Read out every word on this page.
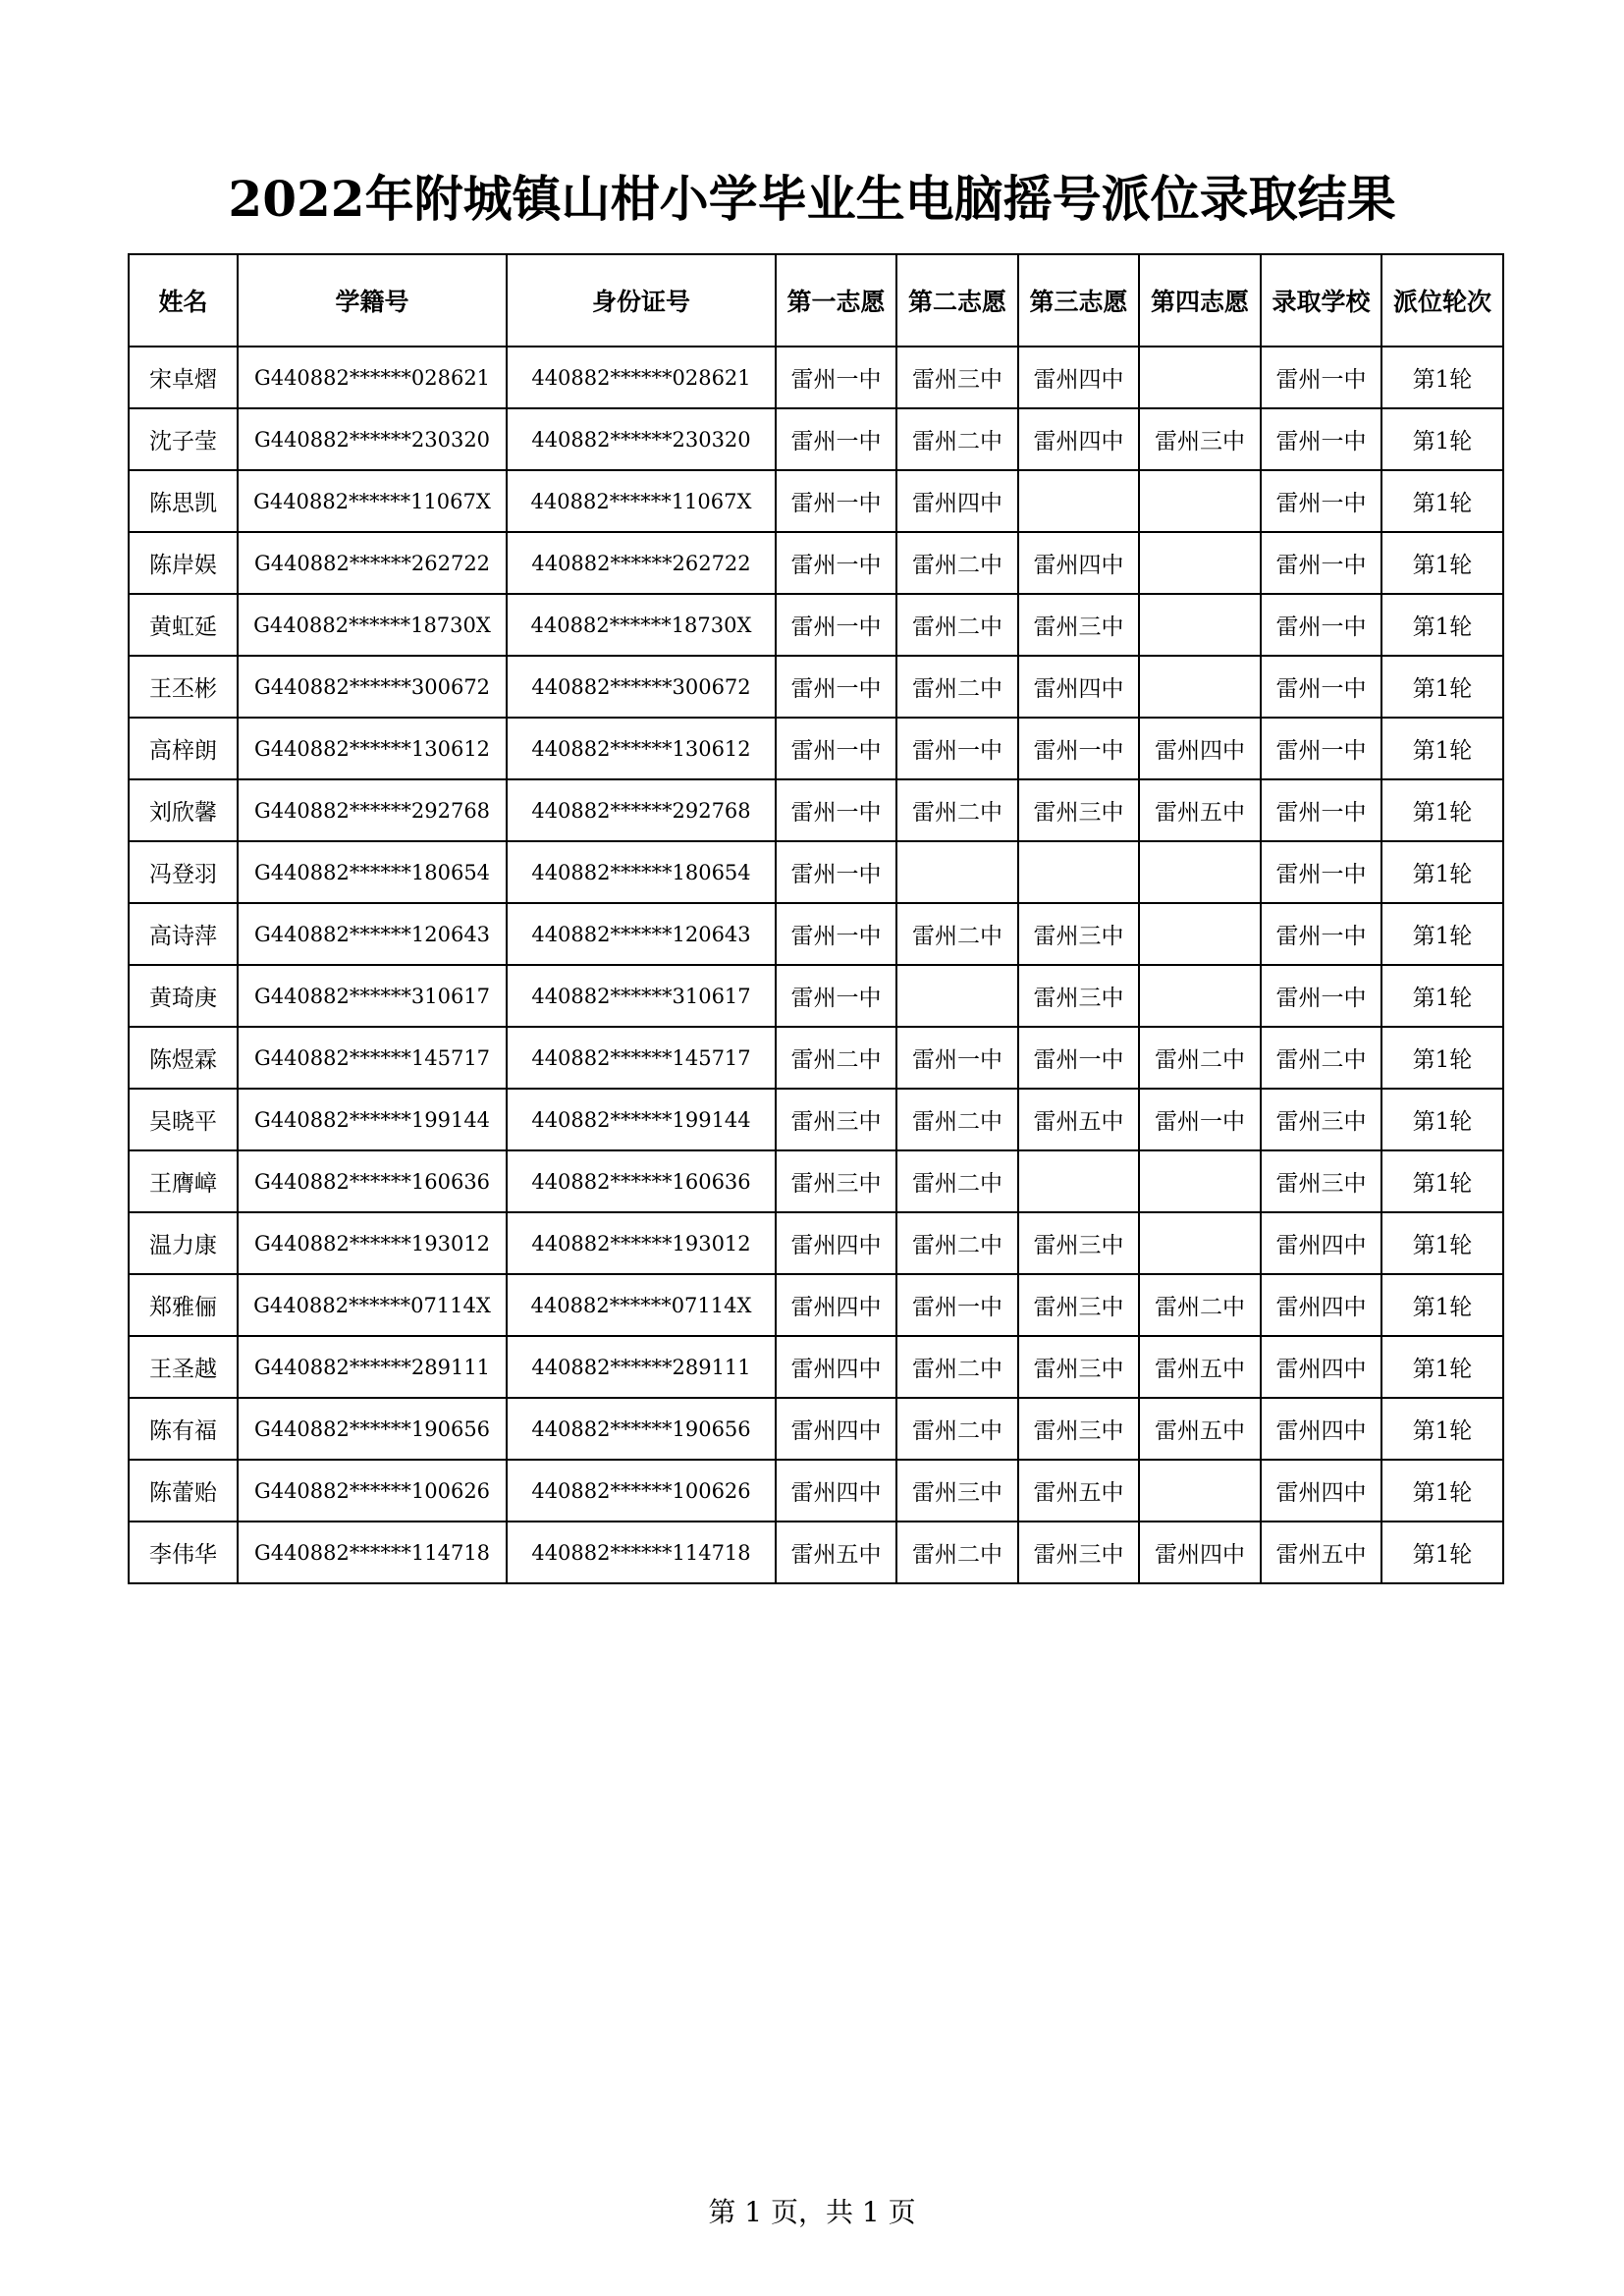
2022年附城镇山柑小学毕业生电脑摇号派位录取结果
姓名	学籍号	身份证号	第一志愿	第二志愿	第三志愿	第四志愿	录取学校	派位轮次
宋卓熠	G440882******028621	440882******028621	雷州一中	雷州三中	雷州四中		雷州一中	第1轮
沈子莹	G440882******230320	440882******230320	雷州一中	雷州二中	雷州四中	雷州三中	雷州一中	第1轮
陈思凯	G440882******11067X	440882******11067X	雷州一中	雷州四中			雷州一中	第1轮
陈岸娱	G440882******262722	440882******262722	雷州一中	雷州二中	雷州四中		雷州一中	第1轮
黄虹延	G440882******18730X	440882******18730X	雷州一中	雷州二中	雷州三中		雷州一中	第1轮
王丕彬	G440882******300672	440882******300672	雷州一中	雷州二中	雷州四中		雷州一中	第1轮
高梓朗	G440882******130612	440882******130612	雷州一中	雷州一中	雷州一中	雷州四中	雷州一中	第1轮
刘欣馨	G440882******292768	440882******292768	雷州一中	雷州二中	雷州三中	雷州五中	雷州一中	第1轮
冯登羽	G440882******180654	440882******180654	雷州一中				雷州一中	第1轮
高诗萍	G440882******120643	440882******120643	雷州一中	雷州二中	雷州三中		雷州一中	第1轮
黄琦庚	G440882******310617	440882******310617	雷州一中		雷州三中		雷州一中	第1轮
陈煜霖	G440882******145717	440882******145717	雷州二中	雷州一中	雷州一中	雷州二中	雷州二中	第1轮
吴晓平	G440882******199144	440882******199144	雷州三中	雷州二中	雷州五中	雷州一中	雷州三中	第1轮
王膺嶂	G440882******160636	440882******160636	雷州三中	雷州二中			雷州三中	第1轮
温力康	G440882******193012	440882******193012	雷州四中	雷州二中	雷州三中		雷州四中	第1轮
郑雅俪	G440882******07114X	440882******07114X	雷州四中	雷州一中	雷州三中	雷州二中	雷州四中	第1轮
王圣越	G440882******289111	440882******289111	雷州四中	雷州二中	雷州三中	雷州五中	雷州四中	第1轮
陈有福	G440882******190656	440882******190656	雷州四中	雷州二中	雷州三中	雷州五中	雷州四中	第1轮
陈蕾贻	G440882******100626	440882******100626	雷州四中	雷州三中	雷州五中		雷州四中	第1轮
李伟华	G440882******114718	440882******114718	雷州五中	雷州二中	雷州三中	雷州四中	雷州五中	第1轮
第 1 页，共 1 页
